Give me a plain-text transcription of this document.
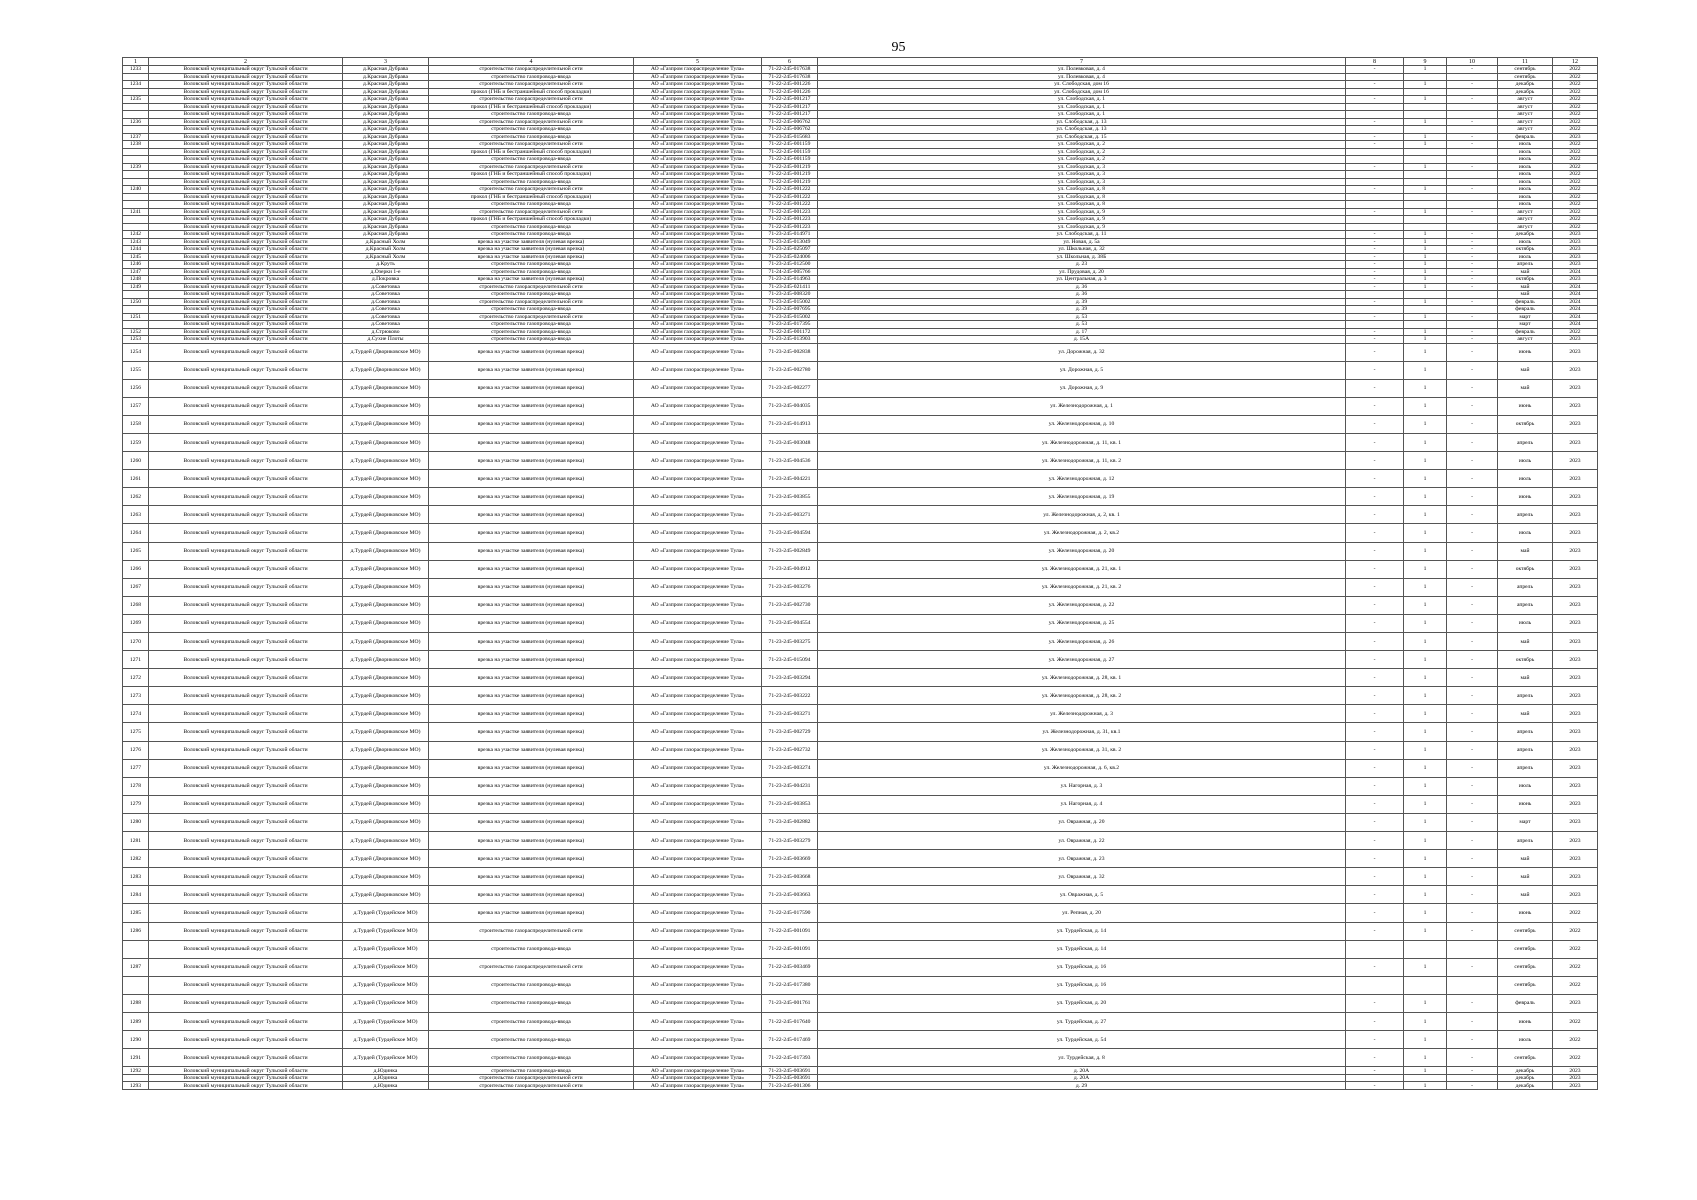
95
1	2	3	4	5	6	7	8	9	10	11	12
1233	Воловский муниципальный округ Тульской области	д.Красная Дубрава	строительство газораспределительной сети	АО «Газпром газораспределение Тула»	71-22-245-017638	ул. Полевковая, д. 4	-	1	-	сентябрь	2022
	Воловский муниципальный округ Тульской области	д.Красная Дубрава	строительство газопровода-ввода	АО «Газпром газораспределение Тула»	71-22-245-017638	ул. Полевковая, д. 4				сентябрь	2022
1234	Воловский муниципальный округ Тульской области	д.Красная Дубрава	строительство газораспределительной сети	АО «Газпром газораспределение Тула»	71-22-245-001226	ул. Слободская, дом 16	-	1	-	декабрь	2022
	Воловский муниципальный округ Тульской области	д.Красная Дубрава	прокол (ГНБ и бестраншейный способ прокладки)	АО «Газпром газораспределение Тула»	71-22-245-001226	ул. Слободская, дом 16				декабрь	2022
1235	Воловский муниципальный округ Тульской области	д.Красная Дубрава	строительство газораспределительной сети	АО «Газпром газораспределение Тула»	71-22-245-001217	ул. Слободская, д. 1	-	1	-	август	2022
	Воловский муниципальный округ Тульской области	д.Красная Дубрава	прокол (ГНБ и бестраншейный способ прокладки)	АО «Газпром газораспределение Тула»	71-22-245-001217	ул. Слободская, д. 1				август	2022
	Воловский муниципальный округ Тульской области	д.Красная Дубрава	строительство газопровода-ввода	АО «Газпром газораспределение Тула»	71-22-245-001217	ул. Слободская, д. 1				август	2022
1236	Воловский муниципальный округ Тульской области	д.Красная Дубрава	строительство газораспределительной сети	АО «Газпром газораспределение Тула»	71-22-245-006762	ул. Слободская, д. 13	-	1	-	август	2022
	Воловский муниципальный округ Тульской области	д.Красная Дубрава	строительство газопровода-ввода	АО «Газпром газораспределение Тула»	71-22-245-006762	ул. Слободская, д. 13				август	2022
1237	Воловский муниципальный округ Тульской области	д.Красная Дубрава	строительство газопровода-ввода	АО «Газпром газораспределение Тула»	71-23-245-015683	ул. Слободская, д. 15	-	1	-	февраль	2023
1238	Воловский муниципальный округ Тульской области	д.Красная Дубрава	строительство газораспределительной сети	АО «Газпром газораспределение Тула»	71-22-245-001159	ул. Слободская, д. 2	-	1	-	июль	2022
	Воловский муниципальный округ Тульской области	д.Красная Дубрава	прокол (ГНБ и бестраншейный способ прокладки)	АО «Газпром газораспределение Тула»	71-22-245-001159	ул. Слободская, д. 2				июль	2022
	Воловский муниципальный округ Тульской области	д.Красная Дубрава	строительство газопровода-ввода	АО «Газпром газораспределение Тула»	71-22-245-001159	ул. Слободская, д. 2				июль	2022
1239	Воловский муниципальный округ Тульской области	д.Красная Дубрава	строительство газораспределительной сети	АО «Газпром газораспределение Тула»	71-22-245-001219	ул. Слободская, д. 3	-	1	-	июль	2022
	Воловский муниципальный округ Тульской области	д.Красная Дубрава	прокол (ГНБ и бестраншейный способ прокладки)	АО «Газпром газораспределение Тула»	71-22-245-001219	ул. Слободская, д. 3				июль	2022
	Воловский муниципальный округ Тульской области	д.Красная Дубрава	строительство газопровода-ввода	АО «Газпром газораспределение Тула»	71-22-245-001219	ул. Слободская, д. 3				июль	2022
1240	Воловский муниципальный округ Тульской области	д.Красная Дубрава	строительство газораспределительной сети	АО «Газпром газораспределение Тула»	71-22-245-001222	ул. Слободская, д. 8	-	1	-	июль	2022
	Воловский муниципальный округ Тульской области	д.Красная Дубрава	прокол (ГНБ и бестраншейный способ прокладки)	АО «Газпром газораспределение Тула»	71-22-245-001222	ул. Слободская, д. 8				июль	2022
	Воловский муниципальный округ Тульской области	д.Красная Дубрава	строительство газопровода-ввода	АО «Газпром газораспределение Тула»	71-22-245-001222	ул. Слободская, д. 8				июль	2022
1241	Воловский муниципальный округ Тульской области	д.Красная Дубрава	строительство газораспределительной сети	АО «Газпром газораспределение Тула»	71-22-245-001223	ул. Слободская, д. 9	-	1	-	август	2022
	Воловский муниципальный округ Тульской области	д.Красная Дубрава	прокол (ГНБ и бестраншейный способ прокладки)	АО «Газпром газораспределение Тула»	71-22-245-001223	ул. Слободская, д. 9				август	2022
	Воловский муниципальный округ Тульской области	д.Красная Дубрава	строительство газопровода-ввода	АО «Газпром газораспределение Тула»	71-22-245-001223	ул. Слободская, д. 9				август	2022
1242	Воловский муниципальный округ Тульской области	д.Красная Дубрава	строительство газопровода-ввода	АО «Газпром газораспределение Тула»	71-23-245-014971	ул. Слободская, д. 11	-	1	-	декабрь	2023
1243	Воловский муниципальный округ Тульской области	д.Красный Холм	врезка на участке заявителя (нулевая врезка)	АО «Газпром газораспределение Тула»	71-23-245-013049	ул. Новая, д. 5а	-	1	-	июль	2023
1244	Воловский муниципальный округ Тульской области	д.Красный Холм	врезка на участке заявителя (нулевая врезка)	АО «Газпром газораспределение Тула»	71-23-245-025097	ул. Школьная, д. 32	-	1	-	октябрь	2023
1245	Воловский муниципальный округ Тульской области	д.Красный Холм	врезка на участке заявителя (нулевая врезка)	АО «Газпром газораспределение Тула»	71-23-245-024006	ул. Школьная, д. 38Б	-	1	-	июль	2023
1246	Воловский муниципальный округ Тульской области	д.Круть	строительство газопровода-ввода	АО «Газпром газораспределение Тула»	71-23-245-012500	д. 23	-	1	-	апрель	2023
1247	Воловский муниципальный округ Тульской области	д.Озерки 1-е	строительство газопровода-ввода	АО «Газпром газораспределение Тула»	71-24-245-005766	ул. Прудовая, д. 20	-	1	-	май	2024
1248	Воловский муниципальный округ Тульской области	д.Покровка	врезка на участке заявителя (нулевая врезка)	АО «Газпром газораспределение Тула»	71-23-245-014963	ул. Центральная, д. 3	-	1	-	октябрь	2023
1249	Воловский муниципальный округ Тульской области	д.Советовка	строительство газораспределительной сети	АО «Газпром газораспределение Тула»	71-23-245-021411	д. 36	-	1	-	май	2024
	Воловский муниципальный округ Тульской области	д.Советовка	строительство газопровода-ввода	АО «Газпром газораспределение Тула»	71-23-245-008320	д. 36				май	2024
1250	Воловский муниципальный округ Тульской области	д.Советовка	строительство газораспределительной сети	АО «Газпром газораспределение Тула»	71-23-245-015002	д. 39	-	1	-	февраль	2024
	Воловский муниципальный округ Тульской области	д.Советовка	строительство газопровода-ввода	АО «Газпром газораспределение Тула»	71-23-245-007695	д. 39				февраль	2024
1251	Воловский муниципальный округ Тульской области	д.Советовка	строительство газораспределительной сети	АО «Газпром газораспределение Тула»	71-23-245-015002	д. 53	-	1	-	март	2024
	Воловский муниципальный округ Тульской области	д.Советовка	строительство газопровода-ввода	АО «Газпром газораспределение Тула»	71-23-245-017395	д. 53				март	2024
1252	Воловский муниципальный округ Тульской области	д.Стрюково	строительство газопровода-ввода	АО «Газпром газораспределение Тула»	71-22-245-001172	д. 17	-	1	-	февраль	2022
1253	Воловский муниципальный округ Тульской области	д.Сухие Плоты	строительство газопровода-ввода	АО «Газпром газораспределение Тула»	71-23-245-013903	д. 15А	-	1	-	август	2023
1254	Воловский муниципальный округ Тульской области	д.Турдей (Двориковское МО)	врезка на участке заявителя (нулевая врезка)	АО «Газпром газораспределение Тула»	71-23-245-002838	ул. Дорожная, д. 32	-	1	-	июнь	2023
1255	Воловский муниципальный округ Тульской области	д.Турдей (Двориковское МО)	врезка на участке заявителя (нулевая врезка)	АО «Газпром газораспределение Тула»	71-23-245-002780	ул. Дорожная, д. 5	-	1	-	май	2023
1256	Воловский муниципальный округ Тульской области	д.Турдей (Двориковское МО)	врезка на участке заявителя (нулевая врезка)	АО «Газпром газораспределение Тула»	71-23-245-002277	ул. Дорожная, д. 9	-	1	-	май	2023
1257	Воловский муниципальный округ Тульской области	д.Турдей (Двориковское МО)	врезка на участке заявителя (нулевая врезка)	АО «Газпром газораспределение Тула»	71-23-245-004035	ул. Железнодорожная, д. 1	-	1	-	июнь	2023
1258	Воловский муниципальный округ Тульской области	д.Турдей (Двориковское МО)	врезка на участке заявителя (нулевая врезка)	АО «Газпром газораспределение Тула»	71-23-245-014913	ул. Железнодорожная, д. 10	-	1	-	октябрь	2023
1259	Воловский муниципальный округ Тульской области	д.Турдей (Двориковское МО)	врезка на участке заявителя (нулевая врезка)	АО «Газпром газораспределение Тула»	71-23-245-003048	ул. Железнодорожная, д. 11, кв. 1	-	1	-	апрель	2023
1260	Воловский муниципальный округ Тульской области	д.Турдей (Двориковское МО)	врезка на участке заявителя (нулевая врезка)	АО «Газпром газораспределение Тула»	71-23-245-004536	ул. Железнодорожная, д. 11, кв. 2	-	1	-	июль	2023
1261	Воловский муниципальный округ Тульской области	д.Турдей (Двориковское МО)	врезка на участке заявителя (нулевая врезка)	АО «Газпром газораспределение Тула»	71-23-245-004221	ул. Железнодорожная, д. 12	-	1	-	июль	2023
1262	Воловский муниципальный округ Тульской области	д.Турдей (Двориковское МО)	врезка на участке заявителя (нулевая врезка)	АО «Газпром газораспределение Тула»	71-23-245-003855	ул. Железнодорожная, д. 19	-	1	-	июнь	2023
1263	Воловский муниципальный округ Тульской области	д.Турдей (Двориковское МО)	врезка на участке заявителя (нулевая врезка)	АО «Газпром газораспределение Тула»	71-23-245-003271	ул. Железнодорожная, д. 2, кв. 1	-	1	-	апрель	2023
1264	Воловский муниципальный округ Тульской области	д.Турдей (Двориковское МО)	врезка на участке заявителя (нулевая врезка)	АО «Газпром газораспределение Тула»	71-23-245-004594	ул. Железнодорожная, д. 2, кв.2	-	1	-	июль	2023
1265	Воловский муниципальный округ Тульской области	д.Турдей (Двориковское МО)	врезка на участке заявителя (нулевая врезка)	АО «Газпром газораспределение Тула»	71-23-245-002849	ул. Железнодорожная, д. 20	-	1	-	май	2023
1266	Воловский муниципальный округ Тульской области	д.Турдей (Двориковское МО)	врезка на участке заявителя (нулевая врезка)	АО «Газпром газораспределение Тула»	71-23-245-004912	ул. Железнодорожная, д. 21, кв. 1	-	1	-	октябрь	2023
1267	Воловский муниципальный округ Тульской области	д.Турдей (Двориковское МО)	врезка на участке заявителя (нулевая врезка)	АО «Газпром газораспределение Тула»	71-23-245-003276	ул. Железнодорожная, д. 21, кв. 2	-	1	-	апрель	2023
1268	Воловский муниципальный округ Тульской области	д.Турдей (Двориковское МО)	врезка на участке заявителя (нулевая врезка)	АО «Газпром газораспределение Тула»	71-23-245-002730	ул. Железнодорожная, д. 22	-	1	-	апрель	2023
1269	Воловский муниципальный округ Тульской области	д.Турдей (Двориковское МО)	врезка на участке заявителя (нулевая врезка)	АО «Газпром газораспределение Тула»	71-23-245-004554	ул. Железнодорожная, д. 25	-	1	-	июль	2023
1270	Воловский муниципальный округ Тульской области	д.Турдей (Двориковское МО)	врезка на участке заявителя (нулевая врезка)	АО «Газпром газораспределение Тула»	71-23-245-003275	ул. Железнодорожная, д. 26	-	1	-	май	2023
1271	Воловский муниципальный округ Тульской области	д.Турдей (Двориковское МО)	врезка на участке заявителя (нулевая врезка)	АО «Газпром газораспределение Тула»	71-23-245-015094	ул. Железнодорожная, д. 27	-	1	-	октябрь	2023
1272	Воловский муниципальный округ Тульской области	д.Турдей (Двориковское МО)	врезка на участке заявителя (нулевая врезка)	АО «Газпром газораспределение Тула»	71-23-245-003294	ул. Железнодорожная, д. 28, кв. 1	-	1	-	май	2023
1273	Воловский муниципальный округ Тульской области	д.Турдей (Двориковское МО)	врезка на участке заявителя (нулевая врезка)	АО «Газпром газораспределение Тула»	71-23-245-003222	ул. Железнодорожная, д. 28, кв. 2	-	1	-	апрель	2023
1274	Воловский муниципальный округ Тульской области	д.Турдей (Двориковское МО)	врезка на участке заявителя (нулевая врезка)	АО «Газпром газораспределение Тула»	71-23-245-003271	ул. Железнодорожная, д. 3	-	1	-	май	2023
1275	Воловский муниципальный округ Тульской области	д.Турдей (Двориковское МО)	врезка на участке заявителя (нулевая врезка)	АО «Газпром газораспределение Тула»	71-23-245-002729	ул. Железнодорожная, д. 31, кв.1	-	1	-	апрель	2023
1276	Воловский муниципальный округ Тульской области	д.Турдей (Двориковское МО)	врезка на участке заявителя (нулевая врезка)	АО «Газпром газораспределение Тула»	71-23-245-002732	ул. Железнодорожная, д. 31, кв. 2	-	1	-	апрель	2023
1277	Воловский муниципальный округ Тульской области	д.Турдей (Двориковское МО)	врезка на участке заявителя (нулевая врезка)	АО «Газпром газораспределение Тула»	71-23-245-003274	ул. Железнодорожная, д. 6, кв.2	-	1	-	апрель	2023
1278	Воловский муниципальный округ Тульской области	д.Турдей (Двориковское МО)	врезка на участке заявителя (нулевая врезка)	АО «Газпром газораспределение Тула»	71-23-245-004231	ул. Нагорная, д. 3	-	1	-	июль	2023
1279	Воловский муниципальный округ Тульской области	д.Турдей (Двориковское МО)	врезка на участке заявителя (нулевая врезка)	АО «Газпром газораспределение Тула»	71-23-245-003853	ул. Нагорная, д. 4	-	1	-	июнь	2023
1280	Воловский муниципальный округ Тульской области	д.Турдей (Двориковское МО)	врезка на участке заявителя (нулевая врезка)	АО «Газпром газораспределение Тула»	71-23-245-002882	ул. Овражная, д. 20	-	1	-	март	2023
1281	Воловский муниципальный округ Тульской области	д.Турдей (Двориковское МО)	врезка на участке заявителя (нулевая врезка)	АО «Газпром газораспределение Тула»	71-23-245-003279	ул. Овражная, д. 22	-	1	-	апрель	2023
1282	Воловский муниципальный округ Тульской области	д.Турдей (Двориковское МО)	врезка на участке заявителя (нулевая врезка)	АО «Газпром газораспределение Тула»	71-23-245-003669	ул. Овражная, д. 23	-	1	-	май	2023
1283	Воловский муниципальный округ Тульской области	д.Турдей (Двориковское МО)	врезка на участке заявителя (нулевая врезка)	АО «Газпром газораспределение Тула»	71-23-245-003668	ул. Овражная, д. 32	-	1	-	май	2023
1284	Воловский муниципальный округ Тульской области	д.Турдей (Двориковское МО)	врезка на участке заявителя (нулевая врезка)	АО «Газпром газораспределение Тула»	71-23-245-003663	ул. Овражная, д. 5	-	1	-	май	2023
1285	Воловский муниципальный округ Тульской области	д.Турдей (Турдейское МО)	врезка на участке заявителя (нулевая врезка)	АО «Газпром газораспределение Тула»	71-22-245-017590	ул. Репная, д. 20	-	1	-	июнь	2022
1286	Воловский муниципальный округ Тульской области	д.Турдей (Турдейское МО)	строительство газораспределительной сети	АО «Газпром газораспределение Тула»	71-22-245-001091	ул. Турдейская, д. 14	-	1	-	сентябрь	2022
	Воловский муниципальный округ Тульской области	д.Турдей (Турдейское МО)	строительство газопровода-ввода	АО «Газпром газораспределение Тула»	71-22-245-001091	ул. Турдейская, д. 14				сентябрь	2022
1287	Воловский муниципальный округ Тульской области	д.Турдей (Турдейское МО)	строительство газораспределительной сети	АО «Газпром газораспределение Тула»	71-22-245-003469	ул. Турдейская, д. 16	-	1	-	сентябрь	2022
	Воловский муниципальный округ Тульской области	д.Турдей (Турдейское МО)	строительство газопровода-ввода	АО «Газпром газораспределение Тула»	71-22-245-017380	ул. Турдейская, д. 16				сентябрь	2022
1288	Воловский муниципальный округ Тульской области	д.Турдей (Турдейское МО)	строительство газопровода-ввода	АО «Газпром газораспределение Тула»	71-23-245-001761	ул. Турдейская, д. 20	-	1	-	февраль	2023
1289	Воловский муниципальный округ Тульской области	д.Турдей (Турдейское МО)	строительство газопровода-ввода	АО «Газпром газораспределение Тула»	71-22-245-017640	ул. Турдейская, д. 27	-	1	-	июнь	2022
1290	Воловский муниципальный округ Тульской области	д.Турдей (Турдейское МО)	строительство газопровода-ввода	АО «Газпром газораспределение Тула»	71-22-245-017469	ул. Турдейская, д. 54	-	1	-	июль	2022
1291	Воловский муниципальный округ Тульской области	д.Турдей (Турдейское МО)	строительство газопровода-ввода	АО «Газпром газораспределение Тула»	71-22-245-017393	ул. Турдейская, д. 8	-	1	-	сентябрь	2022
1292	Воловский муниципальный округ Тульской области	д.Юдинка	строительство газопровода-ввода	АО «Газпром газораспределение Тула»	71-23-245-003691	д. 20А	-	1	-	декабрь	2023
	Воловский муниципальный округ Тульской области	д.Юдинка	строительство газораспределительной сети	АО «Газпром газораспределение Тула»	71-23-245-003691	д. 20А				декабрь	2023
1293	Воловский муниципальный округ Тульской области	д.Юдинка	строительство газораспределительной сети	АО «Газпром газораспределение Тула»	71-23-245-001306	д. 29	-	1	-	декабрь	2023
